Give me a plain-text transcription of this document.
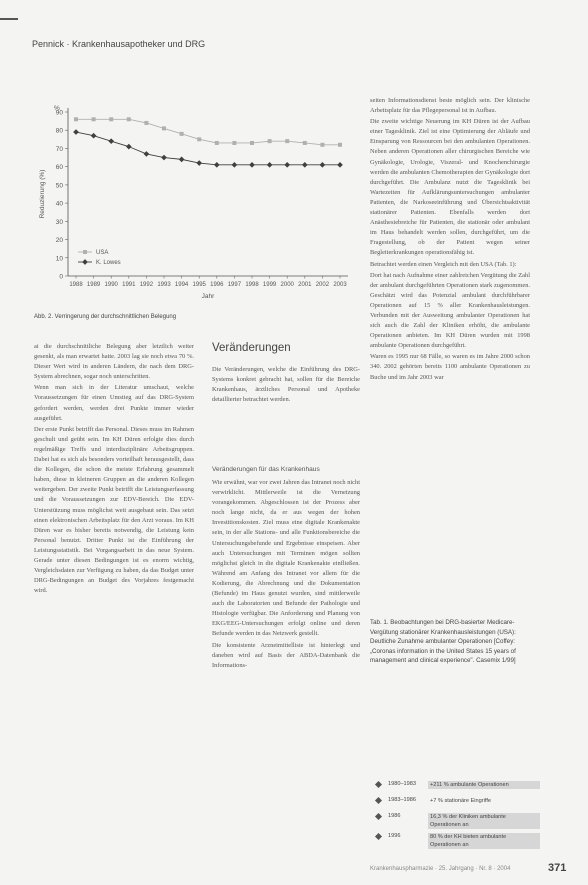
Pennick · Krankenhausapotheker und DRG
0
10
20
30
40
50
60
70
80
90
%
Reduzierung (%)
1988 1989 1990 1991 1992 1993 1994 1995 1996 1997 1998 1999 2000 2001 2002 2003
Jahr
USA
K. Lowes
Abb. 2. Verringerung der durchschnittlichen Belegung

ai die durchschnittliche Belegung aber letztlich weiter gesenkt, als man erwartet hatte. 2003 lag sie noch etwa 70 %. Dieser Wert wird in anderen Ländern, die nach dem DRG-System abrechnen, sogar noch unterschritten.

Wenn man sich in der Literatur umschaut, welche Voraussetzungen für einen Umstieg auf das DRG-System gefordert werden, werden drei Punkte immer wieder ausgeführt.

Der erste Punkt betrifft das Personal. Dieses muss im Rahmen geschult und geübt sein. Im KH Düren erfolgte dies durch regelmäßige Treffs und interdisziplinäre Arbeitsgruppen. Dabei hat es sich als besonders vorteilhaft herausgestellt, dass die Kollegen, die schon die meiste Erfahrung gesammelt haben, diese in kleineren Gruppen an die anderen Kollegen weitergeben. Der zweite Punkt betrifft die Leistungserfassung und die Voraussetzungen zur EDV-Bereich. Die EDV-Unterstützung muss möglichst weit ausgebaut sein. Das setzt einen elektronischen Arbeitsplatz für den Arzt voraus. Im KH Düren war es bisher bereits notwendig, die Leistung kein Personal benutzt. Dritter Punkt ist die Einführung der Leistungsstatistik. Bei Vorgangsarbeit in das neue System. Gerade unter diesen Bedingungen ist es enorm wichtig, Vergleichsdaten zur Verfügung zu haben, da das Budget unter DRG-Bedingungen an Budget des Vorjahres festgemacht wird.

Veränderungen

Die Veränderungen, welche die Einführung des DRG-Systems konkret gebracht hat, sollen für die Bereiche Krankenhaus, ärztliches Personal und Apotheke detaillierter betrachtet werden.

Veränderungen für das Krankenhaus

Wie erwähnt, war vor zwei Jahren das Intranet noch nicht verwirklicht. Mittlerweile ist die Vernetzung vorangekommen. Abgeschlossen ist der Prozess aber noch lange nicht, da er aus wegen der hohen Investitionskosten. Ziel muss eine digitale Krankenakte sein, in der alle Stations- und alle Funktionsbereiche die Untersuchungsbefunde und Ergebnisse einspeisen. Aber auch Untersuchungen mit Terminen mögen sollten möglichst gleich in die digitale Krankenakte einfließen. Während am Anfang des Intranet vor allem für die Kodierung, die Abrechnung und die Dokumentation (Befunde) im Haus genutzt wurden, sind mittlerweile auch die Laboratorien und Befunde der Pathologie und Histologie verfügbar. Die Anforderung und Planung von EKG/EEG-Untersuchungen erfolgt online und deren Befunde werden in das Netzwerk gestellt.

Die konsistente Arzneimittelliste ist hinterlegt und daneben wird auf Basis der ABDA-Datenbank die Informations-

seiten Informationsdienst beste möglich sein. Der klinische Arbeitsplatz für das Pflegepersonal ist in Aufbau.

Die zweite wichtige Neuerung im KH Düren ist der Aufbau einer Tagesklinik. Ziel ist eine Optimierung der Abläufe und Einsparung von Ressourcen bei den ambulanten Operationen. Neben anderen Operationen aller chirurgischen Bereiche wie Gynäkologie, Urologie, Viszeral- und Knochenchirurgie werden die ambulanten Chemotherapien der Gynäkologie dort durchgeführt. Die Ambulanz nutzt die Tagesklinik bei Wartezeiten für Aufklärungsuntersuchungen ambulanter Patienten, die Narkoseeinführung und Übersichtsaktivität stationärer Patienten. Ebenfalls werden dort Anästhesiebreiche für Patienten, die stationär oder ambulant im Haus behandelt werden sollen, durchgeführt, um die Fragestellung, ob der Patient wegen seiner Begleiterkrankungen operationsfähig ist.

Betrachtet werden einen Vergleich mit den USA (Tab. 1):

Dort hat nach Aufnahme einer zahlreichen Vergütung die Zahl der ambulant durchgeführten Operationen stark zugenommen. Geschätzt wird das Potenzial ambulant durchführbarer Operationen auf 15 % aller Krankenhausleistungen. Verbunden mit der Ausweitung ambulanter Operationen hat sich auch die Zahl der Kliniken erhöht, die ambulante Operationen anbieten. Im KH Düren wurden mit 1998 ambulante Operationen durchgeführt.

Waren es 1995 nur 68 Fälle, so waren es im Jahre 2000 schon 340. 2002 gehörten bereits 1100 ambulante Operationen zu Buche und im Jahr 2003 war

Tab. 1. Beobachtungen bei DRG-basierter Medicare-Vergütung stationärer Krankenhausleistungen (USA): Deutliche Zunahme ambulanter Operationen [Coffey: „Coronas information in the United States 15 years of management and clinical experience". Casemix 1/99]
1980–1983	+211 % ambulante Operationen
1983–1986	+7 % stationäre Eingriffe
1986	16,3 % der Kliniken ambulante Operationen an
1996	80 % der KH bieten ambulante Operationen an
Krankenhauspharmazie · 25. Jahrgang · Nr. 8 · 2004	371
